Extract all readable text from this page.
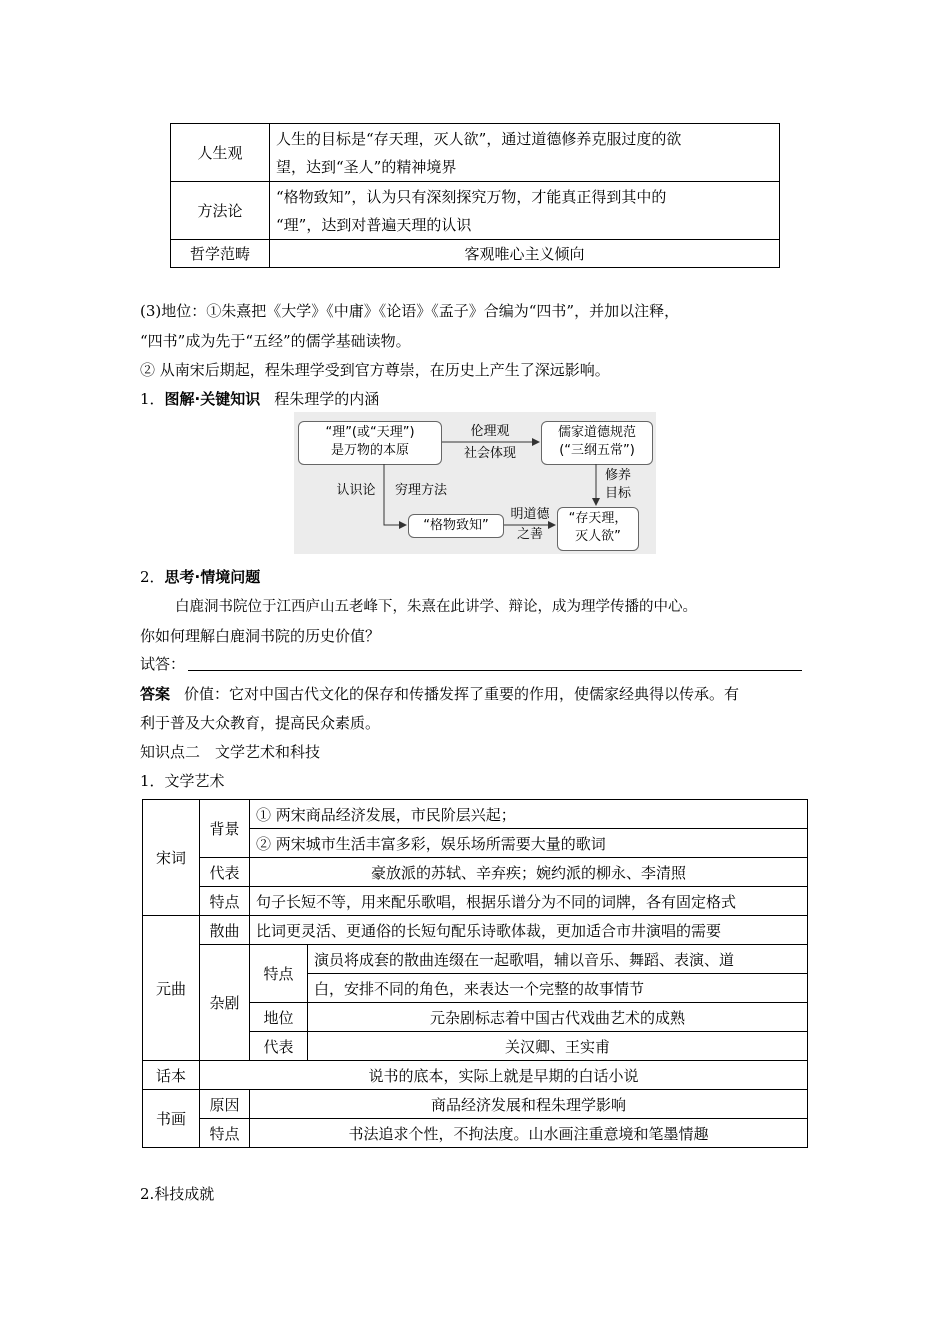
人生观	人生的目标是“存天理，灭人欲”，通过道德修养克服过度的欲
望，达到“圣人”的精神境界

方法论	“格物致知”，认为只有深刻探究万物，才能真正得到其中的
“理”，达到对普遍天理的认识

哲学范畴	客观唯心主义倾向
(3)地位：①朱熹把《大学》《中庸》《论语》《孟子》合编为“四书”，并加以注释，
“四书”成为先于“五经”的儒学基础读物。
② 从南宋后期起，程朱理学受到官方尊崇，在历史上产生了深远影响。
1．图解·关键知识 程朱理学的内涵
“理”(或“天理”)
是万物的本原
儒家道德规范
(“三纲五常”)
“格物致知”	“存天理，
灭人欲”
伦理观
社会体现
认识论	穷理方法
明道德
之善
修养
目标
2．思考·情境问题
白鹿洞书院位于江西庐山五老峰下，朱熹在此讲学、辩论，成为理学传播的中心。
你如何理解白鹿洞书院的历史价值？
试答：
答案 价值：它对中国古代文化的保存和传播发挥了重要的作用，使儒家经典得以传承。有
利于普及大众教育，提高民众素质。
知识点二　文学艺术和科技
1．文学艺术
宋词	背景	① 两宋商品经济发展，市民阶层兴起；	
		② 两宋城市生活丰富多彩，娱乐场所需要大量的歌词	
	代表	豪放派的苏轼、辛弃疾；婉约派的柳永、李清照	
	特点	句子长短不等，用来配乐歌唱，根据乐谱分为不同的词牌，各有固定格式	
元曲	散曲	比词更灵活、更通俗的长短句配乐诗歌体裁，更加适合市井演唱的需要	
	杂剧	特点	演员将成套的散曲连缀在一起歌唱，辅以音乐、舞蹈、表演、道
			白，安排不同的角色，来表达一个完整的故事情节
		地位	元杂剧标志着中国古代戏曲艺术的成熟
		代表	关汉卿、王实甫
话本	说书的底本，实际上就是早期的白话小说		
书画	原因	商品经济发展和程朱理学影响	
	特点	书法追求个性，不拘法度。山水画注重意境和笔墨情趣	
2.科技成就
